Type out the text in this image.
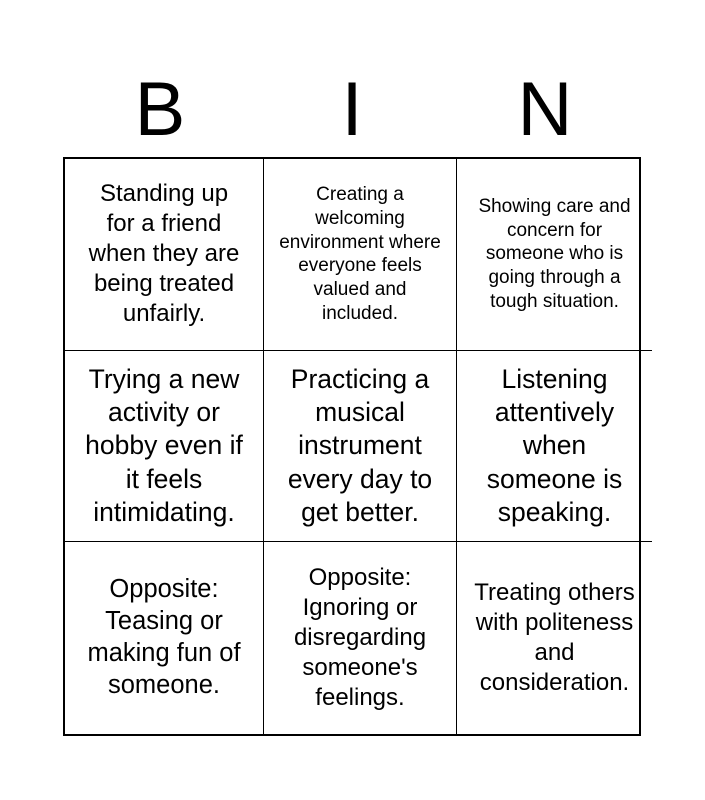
B	I	N
Standing up for a friend when they are being treated unfairly.
Creating a welcoming environment where everyone feels valued and included.
Showing care and concern for someone who is going through a tough situation.
Trying a new activity or hobby even if it feels intimidating.
Practicing a musical instrument every day to get better.
Listening attentively when someone is speaking.
Opposite: Teasing or making fun of someone.
Opposite: Ignoring or disregarding someone's feelings.
Treating others with politeness and consideration.
